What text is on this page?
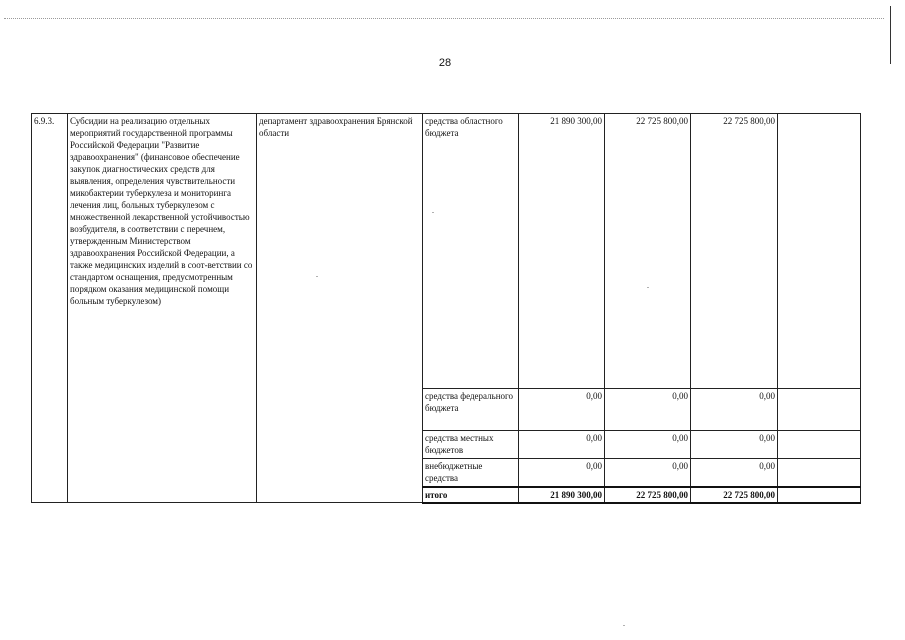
28
6.9.3.	Субсидии на реализацию отдельных мероприятий государственной программы Российской Федерации "Развитие здравоохранения" (финансовое обеспечение закупок диагностических средств для выявления, определения чувствительности микобактерии туберкулеза и мониторинга лечения лиц, больных туберкулезом с множественной лекарственной устойчивостью возбудителя, в соответствии с перечнем, утвержденным Министерством здравоохранения Российской Федерации, а также медицинских изделий в соот-ветствии со стандартом оснащения, предусмотренным порядком оказания медицинской помощи больным туберкулезом)	департамент здравоохранения Брянской области	средства областного бюджета	21 890 300,00	22 725 800,00	22 725 800,00	
			средства федерального бюджета	0,00	0,00	0,00	
			средства местных бюджетов	0,00	0,00	0,00	
			внебюджетные средства	0,00	0,00	0,00	
			итого	21 890 300,00	22 725 800,00	22 725 800,00	
